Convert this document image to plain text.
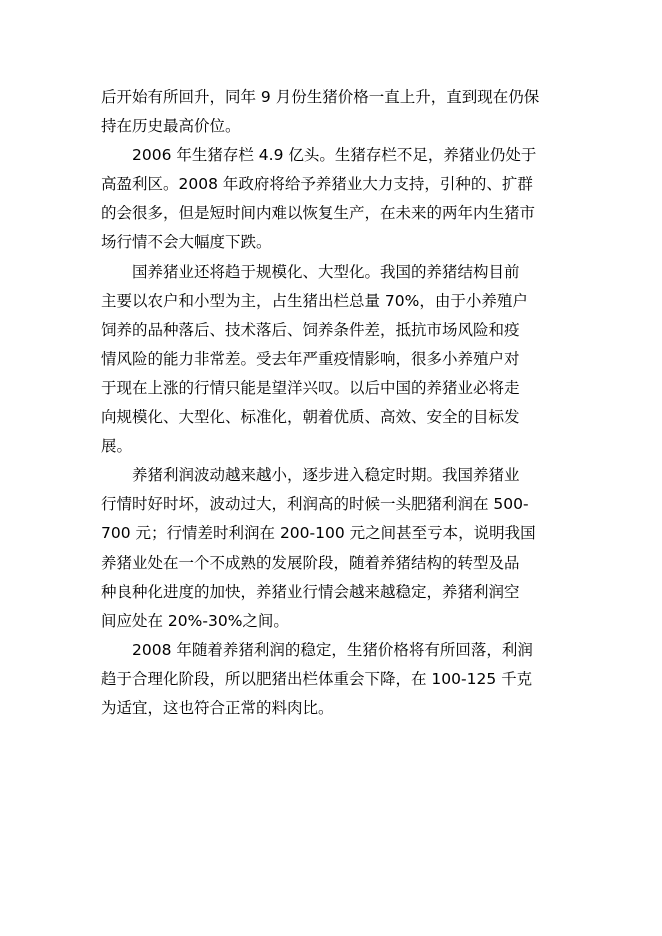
后开始有所回升，同年 9 月份生猪价格一直上升，直到现在仍保
持在历史最高价位。

2006 年生猪存栏 4.9 亿头。生猪存栏不足，养猪业仍处于
高盈利区。2008 年政府将给予养猪业大力支持，引种的、扩群
的会很多，但是短时间内难以恢复生产，在未来的两年内生猪市
场行情不会大幅度下跌。

国养猪业还将趋于规模化、大型化。我国的养猪结构目前
主要以农户和小型为主，占生猪出栏总量 70%，由于小养殖户
饲养的品种落后、技术落后、饲养条件差，抵抗市场风险和疫
情风险的能力非常差。受去年严重疫情影响，很多小养殖户对
于现在上涨的行情只能是望洋兴叹。以后中国的养猪业必将走
向规模化、大型化、标准化，朝着优质、高效、安全的目标发
展。

养猪利润波动越来越小，逐步进入稳定时期。我国养猪业
行情时好时坏，波动过大，利润高的时候一头肥猪利润在 500-
700 元；行情差时利润在 200-100 元之间甚至亏本，说明我国
养猪业处在一个不成熟的发展阶段，随着养猪结构的转型及品
种良种化进度的加快，养猪业行情会越来越稳定，养猪利润空
间应处在 20%-30%之间。

2008 年随着养猪利润的稳定，生猪价格将有所回落，利润
趋于合理化阶段，所以肥猪出栏体重会下降，在 100-125 千克
为适宜，这也符合正常的料肉比。
